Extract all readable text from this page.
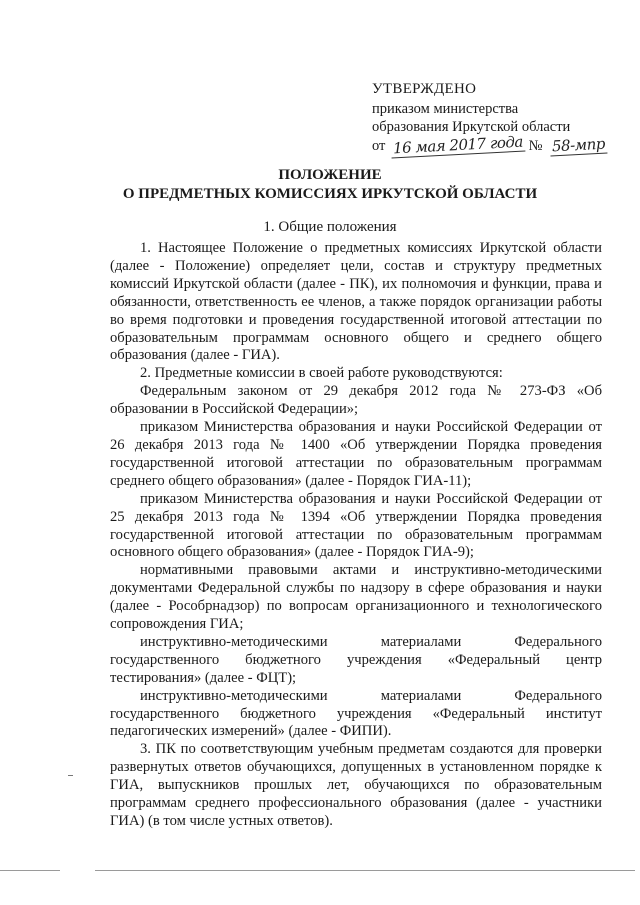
УТВЕРЖДЕНО
приказом министерства
образования Иркутской области
от 16 мая 2017 года № 58-мпр
ПОЛОЖЕНИЕ
О ПРЕДМЕТНЫХ КОМИССИЯХ ИРКУТСКОЙ ОБЛАСТИ
1. Общие положения

1. Настоящее Положение о предметных комиссиях Иркутской области (далее - Положение) определяет цели, состав и структуру предметных комиссий Иркутской области (далее - ПК), их полномочия и функции, права и обязанности, ответственность ее членов, а также порядок организации работы во время подготовки и проведения государственной итоговой аттестации по образовательным программам основного общего и среднего общего образования (далее - ГИА).

2. Предметные комиссии в своей работе руководствуются:

Федеральным законом от 29 декабря 2012 года № 273-ФЗ «Об образовании в Российской Федерации»;

приказом Министерства образования и науки Российской Федерации от 26 декабря 2013 года № 1400 «Об утверждении Порядка проведения государственной итоговой аттестации по образовательным программам среднего общего образования» (далее - Порядок ГИА-11);

приказом Министерства образования и науки Российской Федерации от 25 декабря 2013 года № 1394 «Об утверждении Порядка проведения государственной итоговой аттестации по образовательным программам основного общего образования» (далее - Порядок ГИА-9);

нормативными правовыми актами и инструктивно-методическими документами Федеральной службы по надзору в сфере образования и науки (далее - Рособрнадзор) по вопросам организационного и технологического сопровождения ГИА;

инструктивно-методическими материалами Федерального государственного бюджетного учреждения «Федеральный центр тестирования» (далее - ФЦТ);

инструктивно-методическими материалами Федерального государственного бюджетного учреждения «Федеральный институт педагогических измерений» (далее - ФИПИ).

3. ПК по соответствующим учебным предметам создаются для проверки развернутых ответов обучающихся, допущенных в установленном порядке к ГИА, выпускников прошлых лет, обучающихся по образовательным программам среднего профессионального образования (далее - участники ГИА) (в том числе устных ответов).
